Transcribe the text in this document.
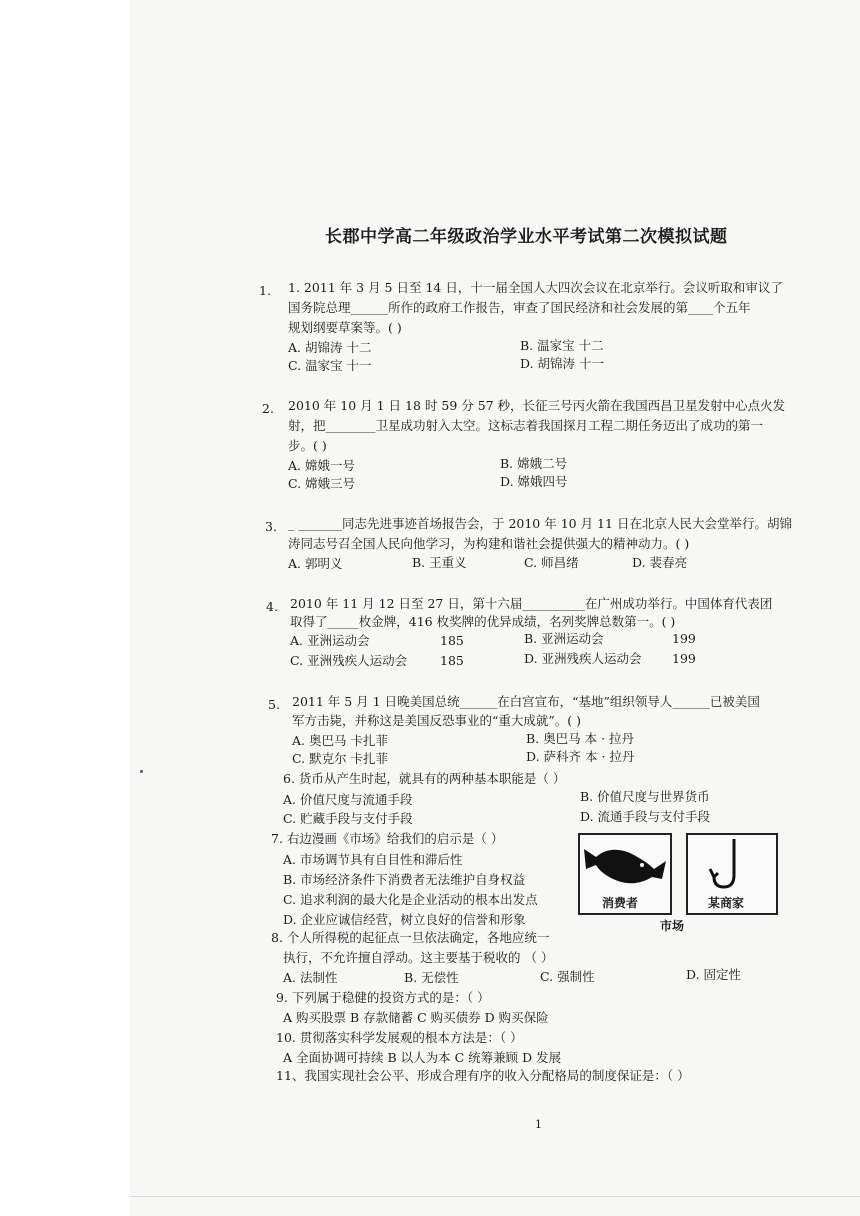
长郡中学高二年级政治学业水平考试第二次模拟试题
1. 1. 2011 年 3 月 5 日至 14 日，十一届全国人大四次会议在北京举行。会议听取和审议了
国务院总理______所作的政府工作报告，审查了国民经济和社会发展的第____个五年
规划纲要草案等。( )
A. 胡锦涛 十二	B. 温家宝 十二
C. 温家宝 十一	D. 胡锦涛 十一
2. 2010 年 10 月 1 日 18 时 59 分 57 秒，长征三号丙火箭在我国西昌卫星发射中心点火发
射，把________卫星成功射入太空。这标志着我国探月工程二期任务迈出了成功的第一
步。( )
A. 嫦娥一号	B. 嫦娥二号
C. 嫦娥三号	D. 嫦娥四号
3. _ _______同志先进事迹首场报告会，于 2010 年 10 月 11 日在北京人民大会堂举行。胡锦
涛同志号召全国人民向他学习，为构建和谐社会提供强大的精神动力。( )
A. 郭明义	B. 王重义	C. 师昌绪	D. 裴春亮
4. 2010 年 11 月 12 日至 27 日，第十六届__________在广州成功举行。中国体育代表团
取得了_____枚金牌，416 枚奖牌的优异成绩，名列奖牌总数第一。( )
A. 亚洲运动会	185	B. 亚洲运动会	199
C. 亚洲残疾人运动会	185	D. 亚洲残疾人运动会 199
5. 2011 年 5 月 1 日晚美国总统______在白宫宣布，“基地”组织领导人______已被美国
军方击毙，并称这是美国反恐事业的“重大成就”。( )
A. 奥巴马 卡扎菲	B. 奥巴马 本 · 拉丹
C. 默克尔 卡扎菲	D. 萨科齐 本 · 拉丹
6. 货币从产生时起，就具有的两种基本职能是（ ）
A. 价值尺度与流通手段	B. 价值尺度与世界货币
C. 贮藏手段与支付手段	D. 流通手段与支付手段
7. 右边漫画《市场》给我们的启示是（ ）
A. 市场调节具有自目性和滞后性
B. 市场经济条件下消费者无法维护自身权益
C. 追求利润的最大化是企业活动的根本出发点
D. 企业应诚信经营，树立良好的信誉和形象
消费者	某商家
市场
8. 个人所得税的起征点一旦依法确定，各地应统一
执行，不允许擅自浮动。这主要基于税收的 （ ）
A. 法制性	B. 无偿性	C. 强制性	D. 固定性
9. 下列属于稳健的投资方式的是：（ ）
A 购买股票 B 存款储蓄 C 购买债券 D 购买保险
10. 贯彻落实科学发展观的根本方法是：（ ）
A 全面协调可持续 B 以人为本 C 统筹兼顾 D 发展
11、我国实现社会公平、形成合理有序的收入分配格局的制度保证是：（ ）
1
